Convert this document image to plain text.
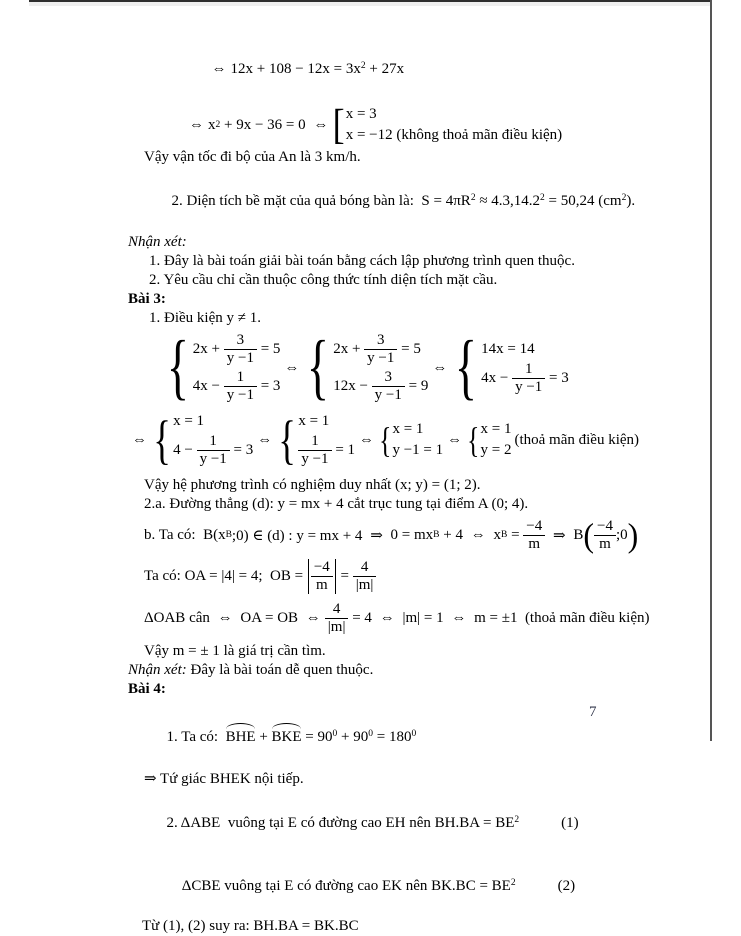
⇔ $12x + 108 - 12x = 3x^2 + 27x$

⇔ x 2 + 9x − 36 = 0 ⇔ [ x = 3
x = −12 (không thoả mãn điều kiện)
Vậy vận tốc đi bộ của An là 3 km/h.

2. Diện tích bề mặt của quả bóng bàn là:  $S = 4\pi R^2 \approx 4.3,14.2^2 = 50,24$ $(cm^2)$.

Nhận xét:
1. Đây là bài toán giải bài toán bằng cách lập phương trình quen thuộc.
2. Yêu cầu chỉ cần thuộc công thức tính diện tích mặt cầu.
Bài 3:
1. Điều kiện y ≠ 1.
{ $2x + \frac{3}{y -1} = 5$
$4x - \frac{1}{y -1} = 3$
⇔ { $2x + \frac{3}{y -1} = 5$
$12x - \frac{3}{y -1} = 9$
⇔ { 14x = 14
$4x - \frac{1}{y -1} = 3$
⇔ { x = 1
$4 - \frac{1}{y -1} = 3$
⇔ { x = 1
$\frac{1}{y -1} = 1$
⇔ { x = 1
y −1 = 1
⇔ { x = 1
y = 2
(thoả mãn điều kiện)
Vậy hệ phương trình có nghiệm duy nhất (x; y) = (1; 2).
2.a. Đường thẳng (d): y = mx + 4 cắt trục tung tại điểm A (0; 4).
b. Ta có:  B(x B ;0) ∈ (d) : y = mx + 4 ⇒ 0 = mx B + 4 ⇔ x $B = \frac{-4}{m}$
⇒ B ( $\frac{-4}{m}$ ;0 )
Ta có: OA = |4| = 4;  OB = $\frac{-4}{m} = \frac{4}{|m|}$
ΔOAB cân ⇔ OA = OB ⇔ $\frac{4}{|m|} = 4$ ⇔ |m| = 1 ⇔ m = ±1  (thoả mãn điều kiện)
Vậy m = ± 1 là giá trị cần tìm.
Nhận xét: Đây là bài toán dễ quen thuộc.
Bài 4:

1. Ta có:  BHE + BKE = $90^0 + 90^0 = 180^0$

⇒ Tứ giác BHEK nội tiếp.

2. ΔABE  vuông tại E có đường cao EH nên $BH.BA = BE^2$	(1)

ΔCBE vuông tại E có đường cao EK nên $BK.BC = BE^2$	(2)

Từ (1), (2) suy ra: BH.BA = BK.BC
7
